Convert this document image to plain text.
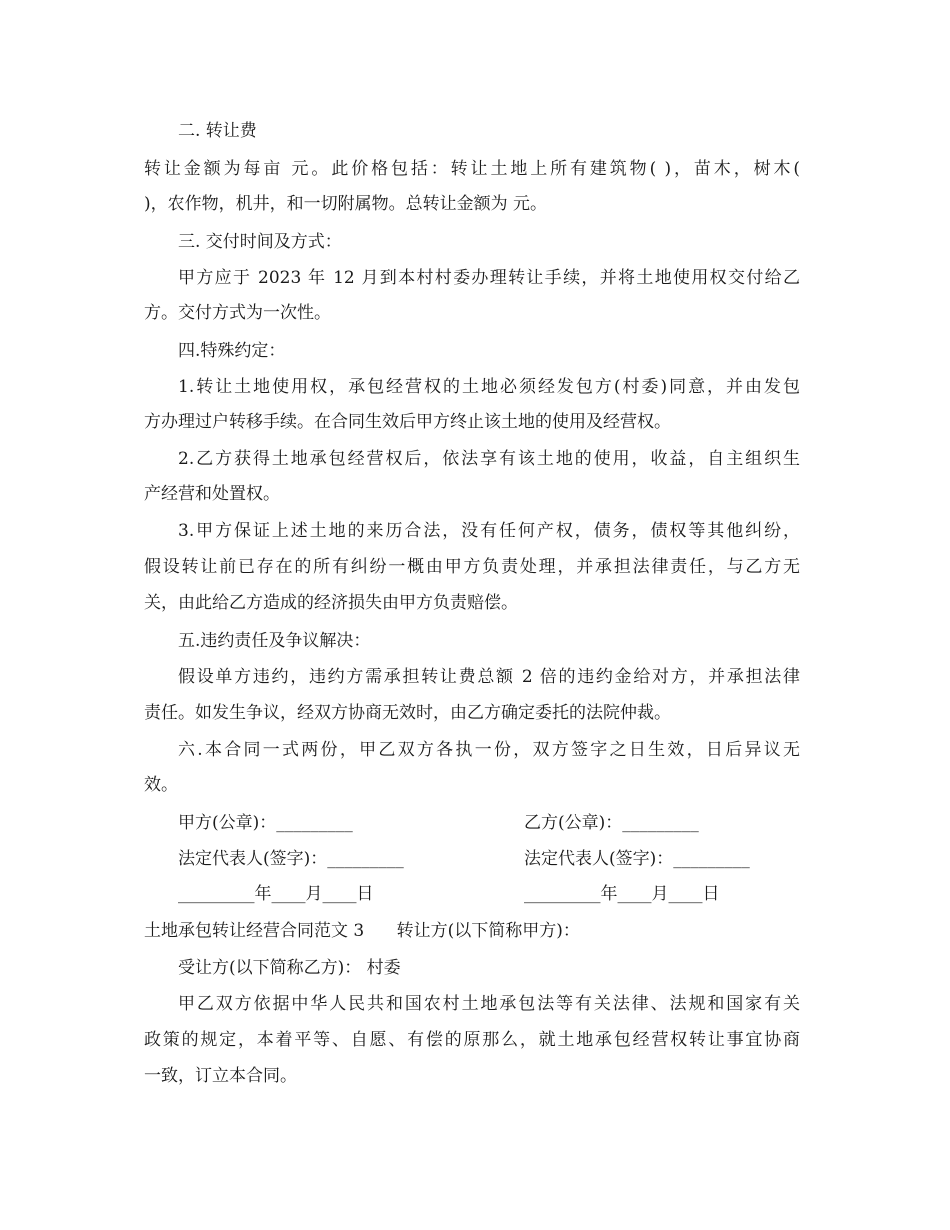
二. 转让费
转让金额为每亩 元。此价格包括：转让土地上所有建筑物( )，苗木，树木(
)，农作物，机井，和一切附属物。总转让金额为 元。
三. 交付时间及方式：
甲方应于 2023 年 12 月到本村村委办理转让手续，并将土地使用权交付给乙
方。交付方式为一次性。
四.特殊约定：
1.转让土地使用权，承包经营权的土地必须经发包方(村委)同意，并由发包
方办理过户转移手续。在合同生效后甲方终止该土地的使用及经营权。
2.乙方获得土地承包经营权后，依法享有该土地的使用，收益，自主组织生
产经营和处置权。
3.甲方保证上述土地的来历合法，没有任何产权，债务，债权等其他纠纷，
假设转让前已存在的所有纠纷一概由甲方负责处理，并承担法律责任，与乙方无
关，由此给乙方造成的经济损失由甲方负责赔偿。
五.违约责任及争议解决：
假设单方违约，违约方需承担转让费总额 2 倍的违约金给对方，并承担法律
责任。如发生争议，经双方协商无效时，由乙方确定委托的法院仲裁。
六.本合同一式两份，甲乙双方各执一份，双方签字之日生效，日后异议无
效。
甲方(公章)：_________	乙方(公章)：_________
法定代表人(签字)：_________	法定代表人(签字)：_________
_________年____月____日	_________年____月____日
土地承包转让经营合同范文 3      转让方(以下简称甲方)：
受让方(以下简称乙方)： 村委
甲乙双方依据中华人民共和国农村土地承包法等有关法律、法规和国家有关
政策的规定，本着平等、自愿、有偿的原那么，就土地承包经营权转让事宜协商
一致，订立本合同。
